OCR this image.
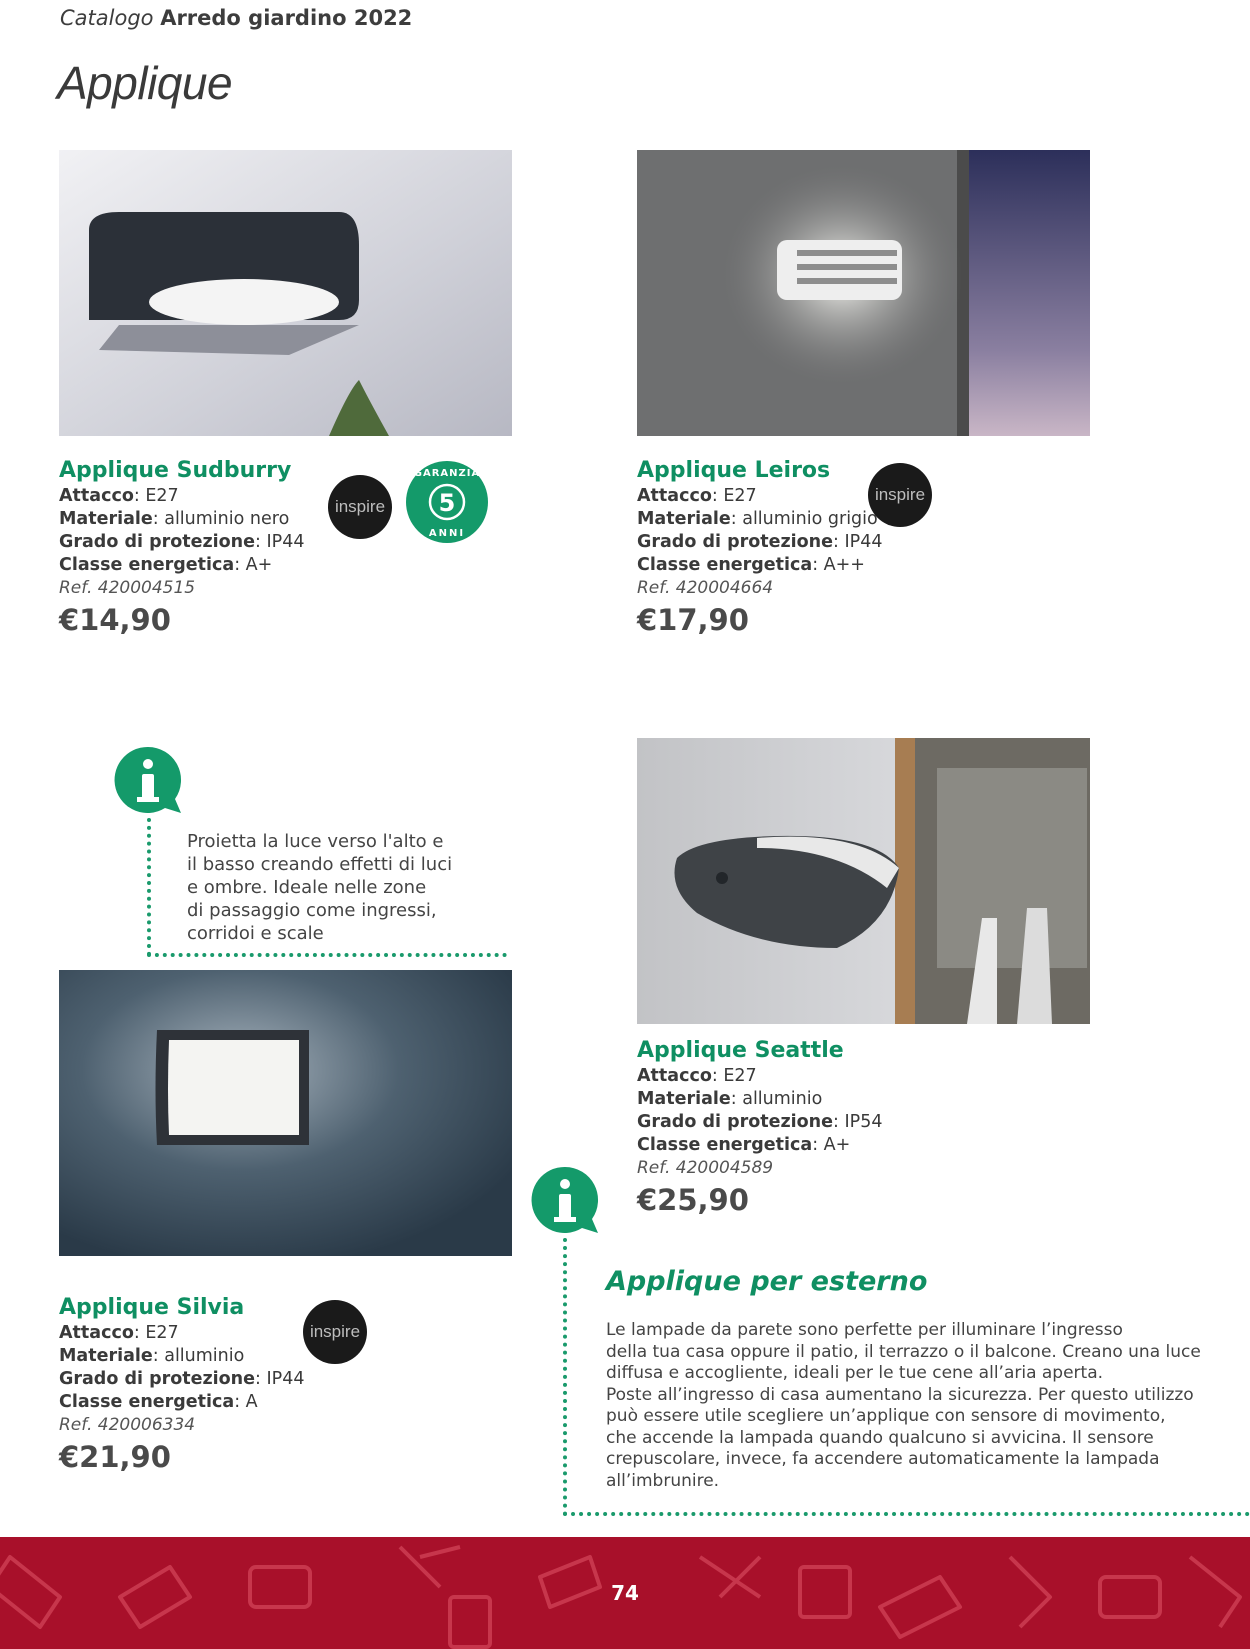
Catalogo Arredo giardino 2022
Applique
Applique Sudburry
Attacco: E27
Materiale: alluminio nero
Grado di protezione: IP44
Classe energetica: A+
Ref. 420004515
€14,90
inspire 5
GARANZIA
ANNI
Applique Leiros
Attacco: E27
Materiale: alluminio grigio
Grado di protezione: IP44
Classe energetica: A++
Ref. 420004664
€17,90
inspire
Proietta la luce verso l'alto e
il basso creando effetti di luci
e ombre. Ideale nelle zone
di passaggio come ingressi,
corridoi e scale
Applique Seattle
Attacco: E27
Materiale: alluminio
Grado di protezione: IP54
Classe energetica: A+
Ref. 420004589
€25,90
Applique Silvia
Attacco: E27
Materiale: alluminio
Grado di protezione: IP44
Classe energetica: A
Ref. 420006334
€21,90
inspire
Applique per esterno
Le lampade da parete sono perfette per illuminare l’ingresso
della tua casa oppure il patio, il terrazzo o il balcone. Creano una luce
diffusa e accogliente, ideali per le tue cene all’aria aperta.
Poste all’ingresso di casa aumentano la sicurezza. Per questo utilizzo
può essere utile scegliere un’applique con sensore di movimento,
che accende la lampada quando qualcuno si avvicina. Il sensore
crepuscolare, invece, fa accendere automaticamente la lampada
all’imbrunire.
74
